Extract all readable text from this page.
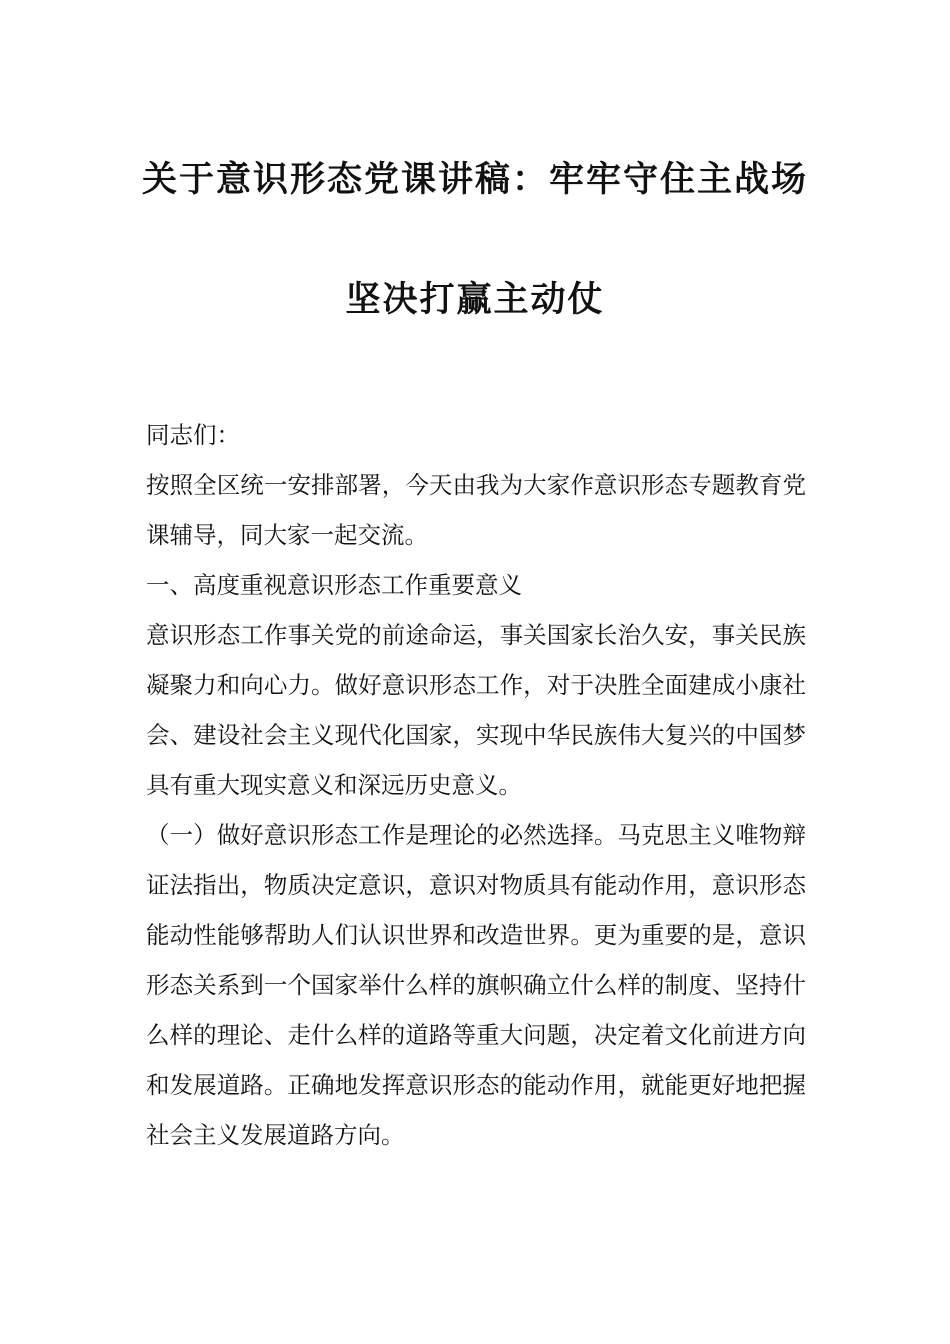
关于意识形态党课讲稿：牢牢守住主战场
坚决打赢主动仗

同志们：

按照全区统一安排部署，今天由我为大家作意识形态专题教育党课辅导，同大家一起交流。

一、高度重视意识形态工作重要意义

意识形态工作事关党的前途命运，事关国家长治久安，事关民族凝聚力和向心力。做好意识形态工作，对于决胜全面建成小康社会、建设社会主义现代化国家，实现中华民族伟大复兴的中国梦具有重大现实意义和深远历史意义。

（一）做好意识形态工作是理论的必然选择。马克思主义唯物辩证法指出，物质决定意识，意识对物质具有能动作用，意识形态能动性能够帮助人们认识世界和改造世界。更为重要的是，意识形态关系到一个国家举什么样的旗帜确立什么样的制度、坚持什么样的理论、走什么样的道路等重大问题，决定着文化前进方向和发展道路。正确地发挥意识形态的能动作用，就能更好地把握社会主义发展道路方向。
